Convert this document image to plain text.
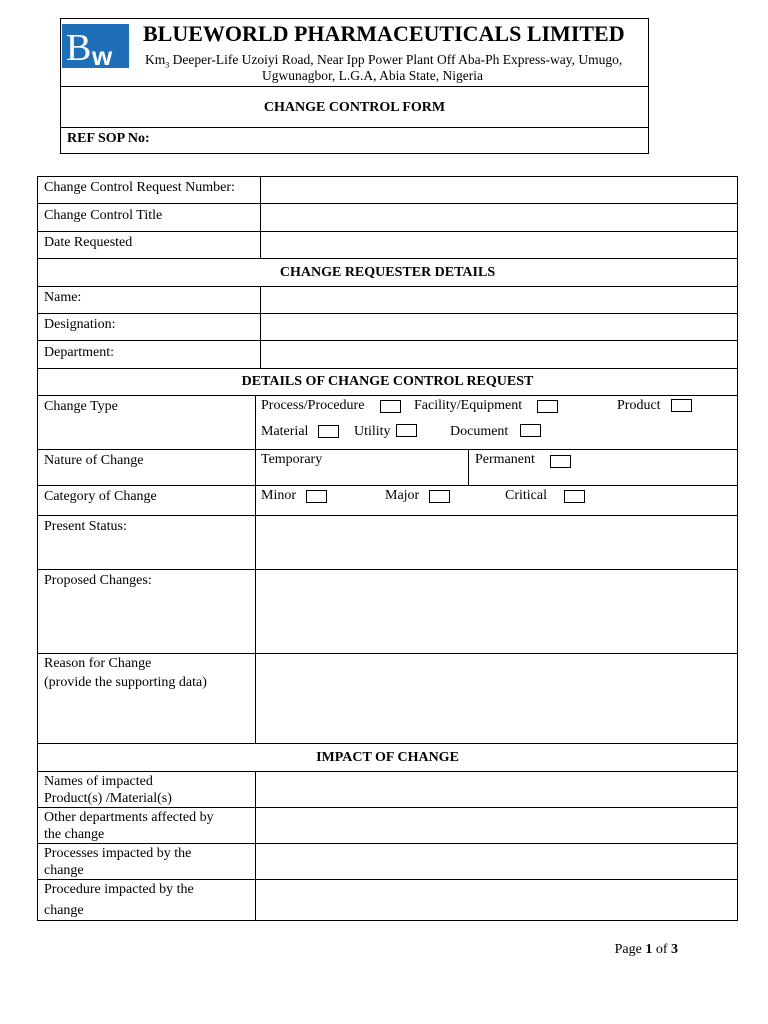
B w
BLUEWORLD PHARMACEUTICALS LIMITED
$Km_3$ Deeper-Life Uzoiyi Road, Near Ipp Power Plant Off Aba-Ph Express-way, Umugo,
Ugwunagbor, L.G.A, Abia State, Nigeria
CHANGE CONTROL FORM
REF SOP No:
Change Control Request Number:
Change Control Title
Date Requested
CHANGE REQUESTER DETAILS
Name:
Designation:
Department:
DETAILS OF CHANGE CONTROL REQUEST
Change Type	Process/Procedure	Facility/Equipment	Product
Material	Utility	Document
Nature of Change	Temporary	Permanent
Category of Change	Minor	Major	Critical
Present Status:
Proposed Changes:
Reason for Change
(provide the supporting data)
IMPACT OF CHANGE
Names of impacted
Product(s) /Material(s)
Other departments affected by
the change
Processes impacted by the
change
Procedure impacted by the
change
Page 1 of 3
